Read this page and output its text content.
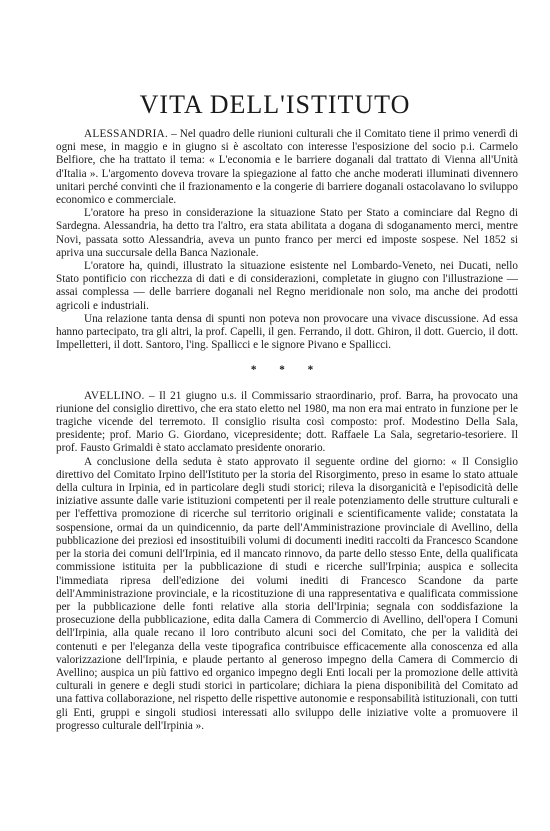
VITA DELL'ISTITUTO

ALESSANDRIA. – Nel quadro delle riunioni culturali che il Comitato tiene il primo venerdì di ogni mese, in maggio e in giugno si è ascoltato con interesse l'esposizione del socio p.i. Carmelo Belfiore, che ha trattato il tema: « L'economia e le barriere doganali dal trattato di Vienna all'Unità d'Italia ». L'argomento doveva trovare la spiegazione al fatto che anche moderati illuminati divennero unitari perché convinti che il frazionamento e la congerie di barriere doganali ostacolavano lo sviluppo economico e commerciale.

L'oratore ha preso in considerazione la situazione Stato per Stato a cominciare dal Regno di Sardegna. Alessandria, ha detto tra l'altro, era stata abilitata a dogana di sdoganamento merci, mentre Novi, passata sotto Alessandria, aveva un punto franco per merci ed imposte sospese. Nel 1852 si apriva una succursale della Banca Nazionale.

L'oratore ha, quindi, illustrato la situazione esistente nel Lombardo-Veneto, nei Ducati, nello Stato pontificio con ricchezza di dati e di considerazioni, completate in giugno con l'illustrazione — assai complessa — delle barriere doganali nel Regno meridionale non solo, ma anche dei prodotti agricoli e industriali.

Una relazione tanta densa di spunti non poteva non provocare una vivace discussione. Ad essa hanno partecipato, tra gli altri, la prof. Capelli, il gen. Ferrando, il dott. Ghiron, il dott. Guercio, il dott. Impelletteri, il dott. Santoro, l'ing. Spallicci e le signore Pivano e Spallicci.

* * *

AVELLINO. – Il 21 giugno u.s. il Commissario straordinario, prof. Barra, ha provocato una riunione del consiglio direttivo, che era stato eletto nel 1980, ma non era mai entrato in funzione per le tragiche vicende del terremoto. Il consiglio risulta così composto: prof. Modestino Della Sala, presidente; prof. Mario G. Giordano, vicepresidente; dott. Raffaele La Sala, segretario-tesoriere. Il prof. Fausto Grimaldi è stato acclamato presidente onorario.

A conclusione della seduta è stato approvato il seguente ordine del giorno: « Il Consiglio direttivo del Comitato Irpino dell'Istituto per la storia del Risorgimento, preso in esame lo stato attuale della cultura in Irpinia, ed in particolare degli studi storici; rileva la disorganicità e l'episodicità delle iniziative assunte dalle varie istituzioni competenti per il reale potenziamento delle strutture culturali e per l'effettiva promozione di ricerche sul territorio originali e scientificamente valide; constatata la sospensione, ormai da un quindicennio, da parte dell'Amministrazione provinciale di Avellino, della pubblicazione dei preziosi ed insostituibili volumi di documenti inediti raccolti da Francesco Scandone per la storia dei comuni dell'Irpinia, ed il mancato rinnovo, da parte dello stesso Ente, della qualificata commissione istituita per la pubblicazione di studi e ricerche sull'Irpinia; auspica e sollecita l'immediata ripresa dell'edizione dei volumi inediti di Francesco Scandone da parte dell'Amministrazione provinciale, e la ricostituzione di una rappresentativa e qualificata commissione per la pubblicazione delle fonti relative alla storia dell'Irpinia; segnala con soddisfazione la prosecuzione della pubblicazione, edita dalla Camera di Commercio di Avellino, dell'opera I Comuni dell'Irpinia, alla quale recano il loro contributo alcuni soci del Comitato, che per la validità dei contenuti e per l'eleganza della veste tipografica contribuisce efficacemente alla conoscenza ed alla valorizzazione dell'Irpinia, e plaude pertanto al generoso impegno della Camera di Commercio di Avellino; auspica un più fattivo ed organico impegno degli Enti locali per la promozione delle attività culturali in genere e degli studi storici in particolare; dichiara la piena disponibilità del Comitato ad una fattiva collaborazione, nel rispetto delle rispettive autonomie e responsabilità istituzionali, con tutti gli Enti, gruppi e singoli studiosi interessati allo sviluppo delle iniziative volte a promuovere il progresso culturale dell'Irpinia ».
